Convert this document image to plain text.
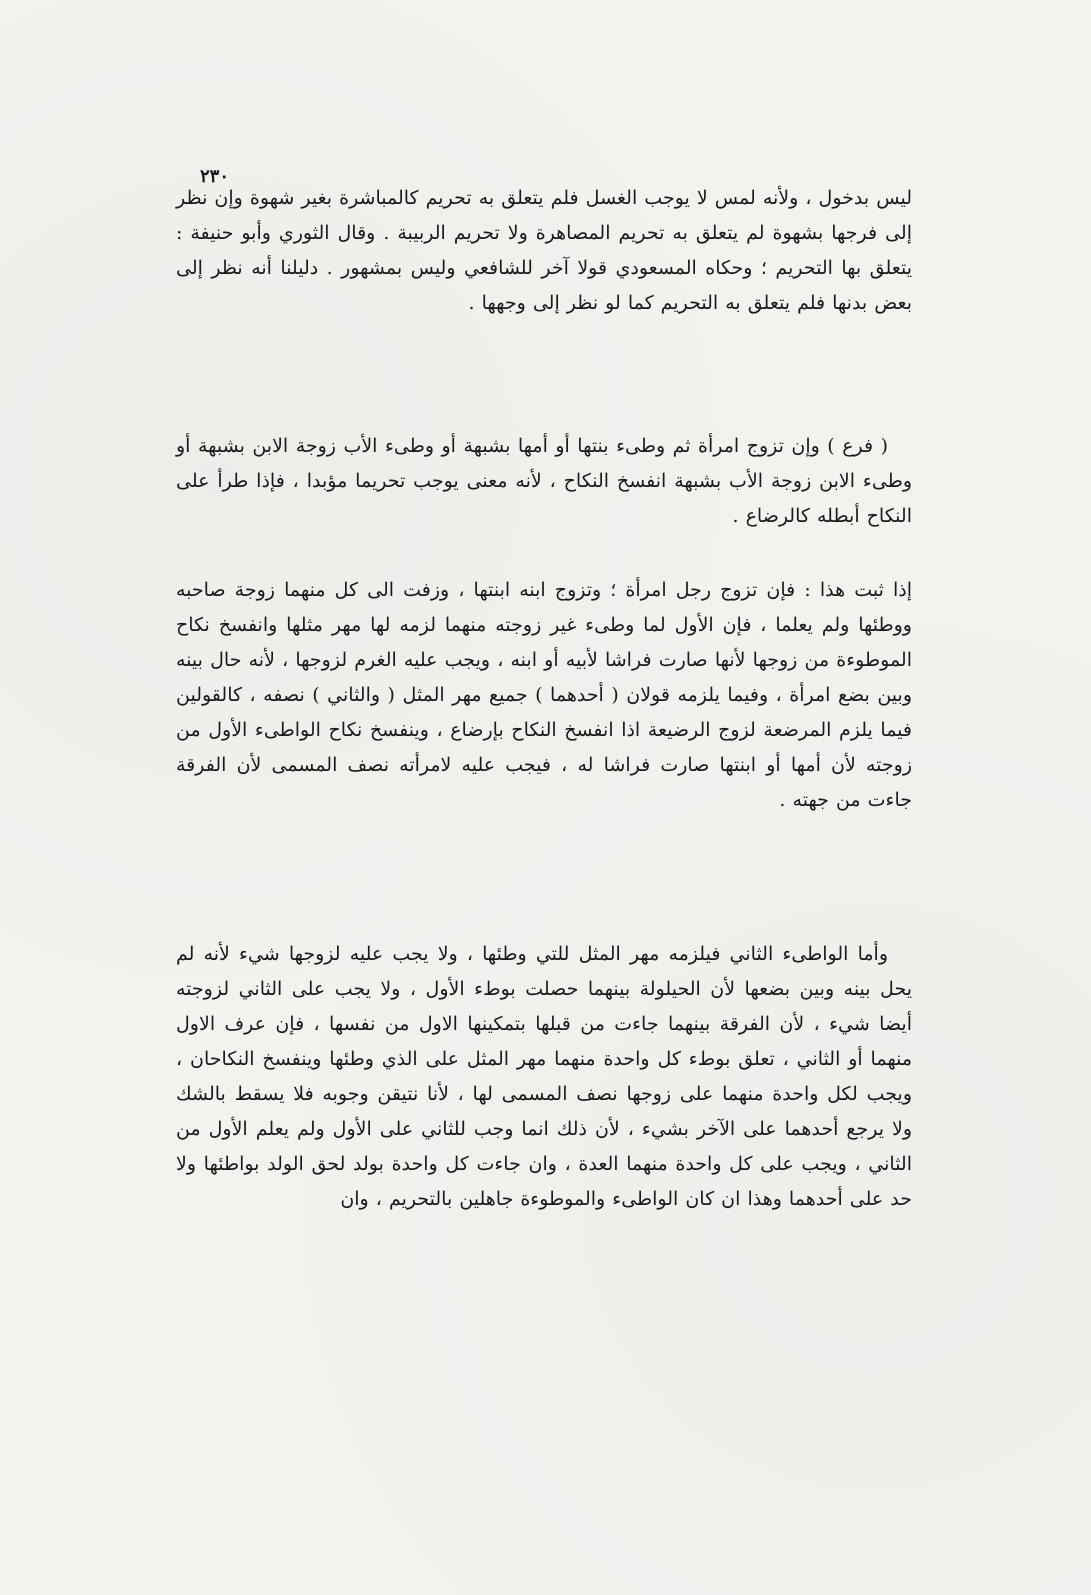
٢٣٠

ليس بدخول ، ولأنه لمس لا يوجب الغسل فلم يتعلق به تحريم كالمباشرة بغير شهوة وإن نظر إلى فرجها بشهوة لم يتعلق به تحريم المصاهرة ولا تحريم الربيبة . وقال الثوري وأبو حنيفة : يتعلق بها التحريم ؛ وحكاه المسعودي قولا آخر للشافعي وليس بمشهور . دليلنا أنه نظر إلى بعض بدنها فلم يتعلق به التحريم كما لو نظر إلى وجهها .

( فرع ) وإن تزوج امرأة ثم وطىء بنتها أو أمها بشبهة أو وطىء الأب زوجة الابن بشبهة أو وطىء الابن زوجة الأب بشبهة انفسخ النكاح ، لأنه معنى يوجب تحريما مؤبدا ، فإذا طرأ على النكاح أبطله كالرضاع .

إذا ثبت هذا : فإن تزوج رجل امرأة ؛ وتزوج ابنه ابنتها ، وزفت الى كل منهما زوجة صاحبه ووطئها ولم يعلما ، فإن الأول لما وطىء غير زوجته منهما لزمه لها مهر مثلها وانفسخ نكاح الموطوءة من زوجها لأنها صارت فراشا لأبيه أو ابنه ، ويجب عليه الغرم لزوجها ، لأنه حال بينه وبين بضع امرأة ، وفيما يلزمه قولان ( أحدهما ) جميع مهر المثل ( والثاني ) نصفه ، كالقولين فيما يلزم المرضعة لزوج الرضيعة اذا انفسخ النكاح بإرضاع ، وينفسخ نكاح الواطىء الأول من زوجته لأن أمها أو ابنتها صارت فراشا له ، فيجب عليه لامرأته نصف المسمى لأن الفرقة جاءت من جهته .

وأما الواطىء الثاني فيلزمه مهر المثل للتي وطئها ، ولا يجب عليه لزوجها شيء لأنه لم يحل بينه وبين بضعها لأن الحيلولة بينهما حصلت بوطء الأول ، ولا يجب على الثاني لزوجته أيضا شيء ، لأن الفرقة بينهما جاءت من قبلها بتمكينها الاول من نفسها ، فإن عرف الاول منهما أو الثاني ، تعلق بوطء كل واحدة منهما مهر المثل على الذي وطئها وينفسخ النكاحان ، ويجب لكل واحدة منهما على زوجها نصف المسمى لها ، لأنا نتيقن وجوبه فلا يسقط بالشك ولا يرجع أحدهما على الآخر بشيء ، لأن ذلك انما وجب للثاني على الأول ولم يعلم الأول من الثاني ، ويجب على كل واحدة منهما العدة ، وان جاءت كل واحدة بولد لحق الولد بواطئها ولا حد على أحدهما وهذا ان كان الواطىء والموطوءة جاهلين بالتحريم ، وان
